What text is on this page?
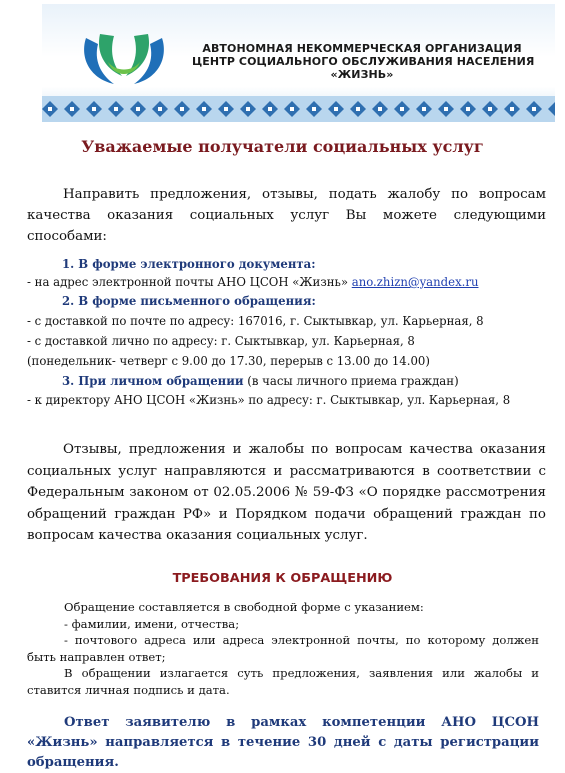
АВТОНОМНАЯ НЕКОММЕРЧЕСКАЯ ОРГАНИЗАЦИЯ
ЦЕНТР СОЦИАЛЬНОГО ОБСЛУЖИВАНИЯ НАСЕЛЕНИЯ
«ЖИЗНЬ»
Уважаемые получатели социальных услуг

Направить предложения, отзывы, подать жалобу по вопросам качества оказания социальных услуг Вы можете следующими способами:

1. В форме электронного документа:

- на адрес электронной почты АНО ЦСОН «Жизнь» ano.zhizn@yandex.ru

2. В форме письменного обращения:

- с доставкой по почте по адресу: 167016, г. Сыктывкар, ул. Карьерная, 8

- с доставкой лично по адресу: г. Сыктывкар, ул. Карьерная, 8

(понедельник- четверг с 9.00 до 17.30, перерыв с 13.00 до 14.00)

3. При личном обращении (в часы личного приема граждан)

- к директору АНО ЦСОН «Жизнь» по адресу: г. Сыктывкар, ул. Карьерная, 8

Отзывы, предложения и жалобы по вопросам качества оказания социальных услуг направляются и рассматриваются в соответствии с Федеральным законом от 02.05.2006 № 59-ФЗ «О порядке рассмотрения обращений граждан РФ» и Порядком подачи обращений граждан по вопросам качества оказания социальных услуг.

ТРЕБОВАНИЯ К ОБРАЩЕНИЮ

Обращение составляется в свободной форме с указанием:

- фамилии, имени, отчества;

- почтового адреса или адреса электронной почты, по которому должен быть направлен ответ;

В обращении излагается суть предложения, заявления или жалобы и ставится личная подпись и дата.

Ответ заявителю в рамках компетенции АНО ЦСОН «Жизнь» направляется в течение 30 дней с даты регистрации обращения.
